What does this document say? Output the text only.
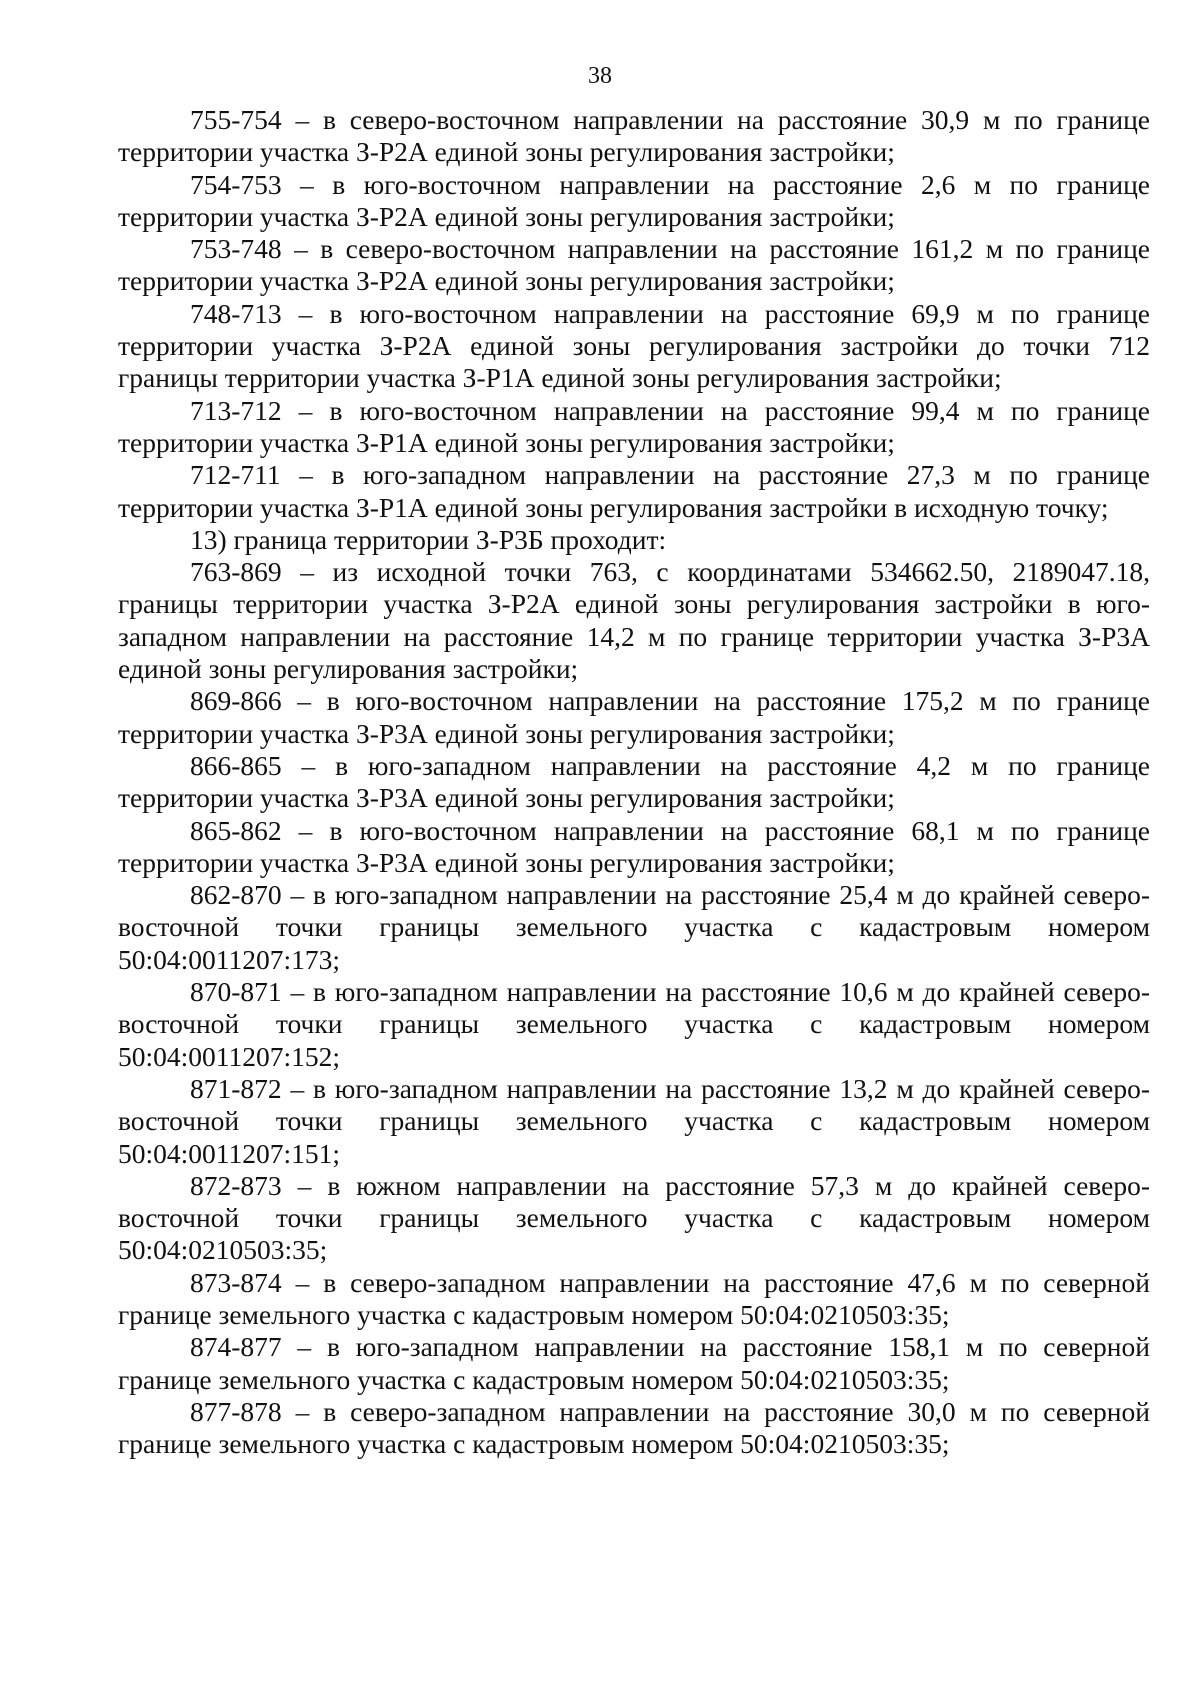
38

755-754 – в северо-восточном направлении на расстояние 30,9 м по границе территории участка З-Р2А единой зоны регулирования застройки;

754-753 – в юго-восточном направлении на расстояние 2,6 м по границе территории участка З-Р2А единой зоны регулирования застройки;

753-748 – в северо-восточном направлении на расстояние 161,2 м по границе территории участка З-Р2А единой зоны регулирования застройки;

748-713 – в юго-восточном направлении на расстояние 69,9 м по границе территории участка З-Р2А единой зоны регулирования застройки до точки 712 границы территории участка З-Р1А единой зоны регулирования застройки;

713-712 – в юго-восточном направлении на расстояние 99,4 м по границе территории участка З-Р1А единой зоны регулирования застройки;

712-711 – в юго-западном направлении на расстояние 27,3 м по границе территории участка З-Р1А единой зоны регулирования застройки в исходную точку;

13) граница территории З-Р3Б проходит:

763-869 – из исходной точки 763, с координатами 534662.50, 2189047.18, границы территории участка З-Р2А единой зоны регулирования застройки в юго-западном направлении на расстояние 14,2 м по границе территории участка З-Р3А единой зоны регулирования застройки;

869-866 – в юго-восточном направлении на расстояние 175,2 м по границе территории участка З-Р3А единой зоны регулирования застройки;

866-865 – в юго-западном направлении на расстояние 4,2 м по границе территории участка З-Р3А единой зоны регулирования застройки;

865-862 – в юго-восточном направлении на расстояние 68,1 м по границе территории участка З-Р3А единой зоны регулирования застройки;

862-870 – в юго-западном направлении на расстояние 25,4 м до крайней северо-восточной точки границы земельного участка с кадастровым номером 50:04:0011207:173;

870-871 – в юго-западном направлении на расстояние 10,6 м до крайней северо-восточной точки границы земельного участка с кадастровым номером 50:04:0011207:152;

871-872 – в юго-западном направлении на расстояние 13,2 м до крайней северо-восточной точки границы земельного участка с кадастровым номером 50:04:0011207:151;

872-873 – в южном направлении на расстояние 57,3 м до крайней северо-восточной точки границы земельного участка с кадастровым номером 50:04:0210503:35;

873-874 – в северо-западном направлении на расстояние 47,6 м по северной границе земельного участка с кадастровым номером 50:04:0210503:35;

874-877 – в юго-западном направлении на расстояние 158,1 м по северной границе земельного участка с кадастровым номером 50:04:0210503:35;

877-878 – в северо-западном направлении на расстояние 30,0 м по северной границе земельного участка с кадастровым номером 50:04:0210503:35;
